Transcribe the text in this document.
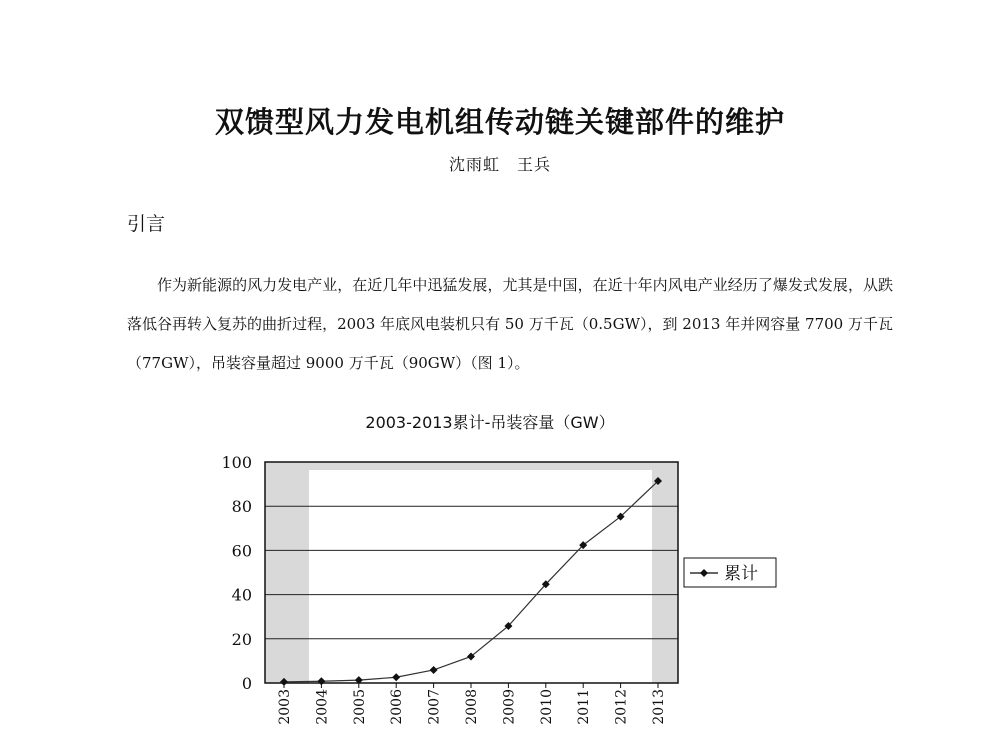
双馈型风力发电机组传动链关键部件的维护

沈雨虹　王兵

引言

作为新能源的风力发电产业，在近几年中迅猛发展，尤其是中国，在近十年内风电产业经历了爆发式发展，从跌落低谷再转入复苏的曲折过程，2003 年底风电装机只有 50 万千瓦（0.5GW），到 2013 年并网容量 7700 万千瓦（77GW），吊装容量超过 9000 万千瓦（90GW）（图 1）。

2003-2013累计-吊装容量（GW）
0
20
40
60
80
100
2003 2004 2005 2006 2007 2008 2009 2010 2011 2012 2013
累计
